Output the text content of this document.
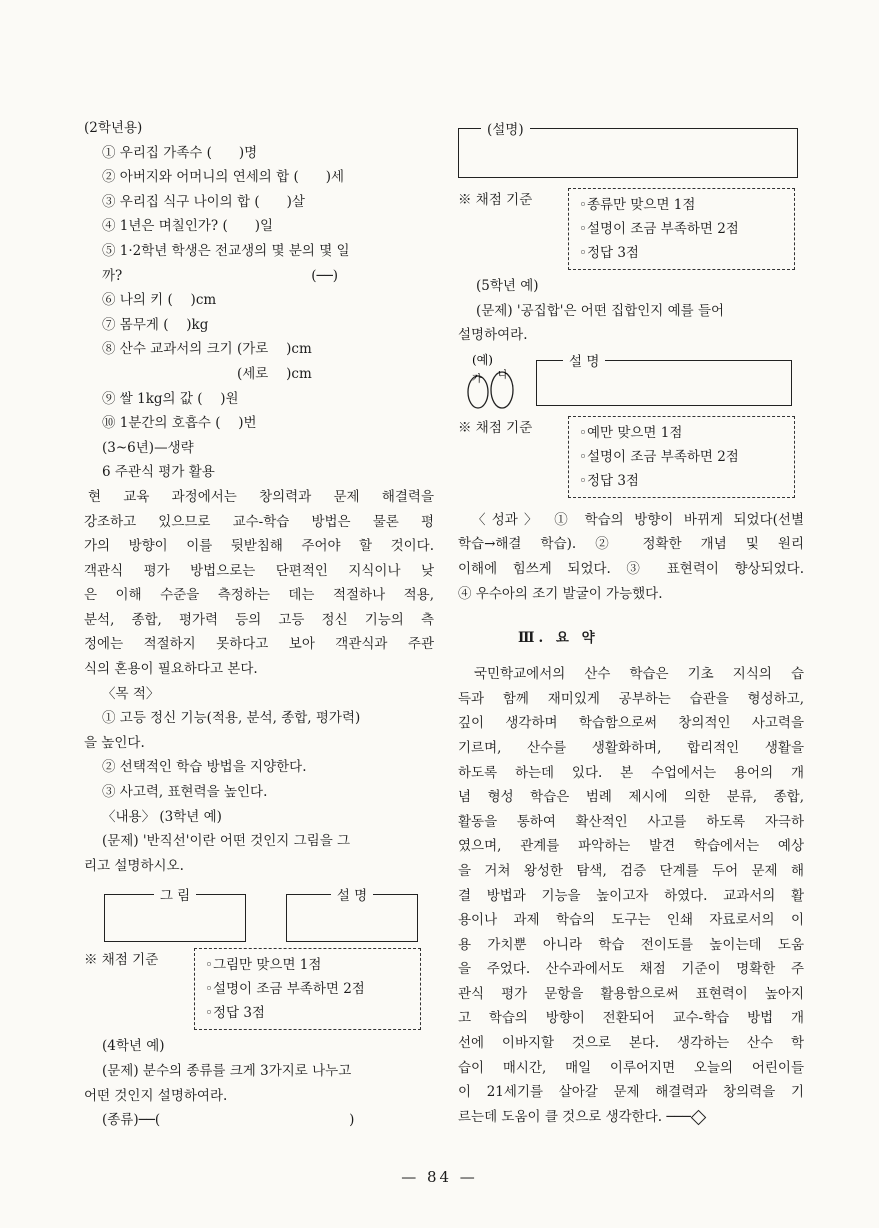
(2학년용)
① 우리집 가족수 (　　)명
② 아버지와 어머니의 연세의 합 (　　)세
③ 우리집 식구 나이의 합 (　　)살
④ 1년은 며칠인가? (　　)일
⑤ 1·2학년 학생은 전교생의 몇 분의 몇 일
까?　　　　　　　　　　　　　　(──)
⑥ 나의 키 (　 )cm
⑦ 몸무게 (　 )kg
⑧ 산수 교과서의 크기 (가로　 )cm
　　　　　　　　　　(세로　 )cm
⑨ 쌀 1kg의 값 (　 )원
⑩ 1분간의 호흡수 (　 )번
(3~6년)—생략
6 주관식 평가 활용
현 교육 과정에서는 창의력과 문제 해결력을
강조하고 있으므로 교수-학습 방법은 물론 평
가의 방향이 이를 뒷받침해 주어야 할 것이다.
객관식 평가 방법으로는 단편적인 지식이나 낮
은 이해 수준을 측정하는 데는 적절하나 적용,
분석, 종합, 평가력 등의 고등 정신 기능의 측
정에는 적절하지 못하다고 보아 객관식과 주관
식의 혼용이 필요하다고 본다.
〈목 적〉
① 고등 정신 기능(적용, 분석, 종합, 평가력)
을 높인다.
② 선택적인 학습 방법을 지양한다.
③ 사고력, 표현력을 높인다.
〈내용〉 (3학년 예)
(문제) '반직선'이란 어떤 것인지 그림을 그
리고 설명하시오.
그 림	설 명
※ 채점 기준	◦그림만 맞으면 1점
◦설명이 조금 부족하면 2점
◦정답 3점
(4학년 예)
(문제) 분수의 종류를 크게 3가지로 나누고
어떤 것인지 설명하여라.
(종류)──(　　　　　　　　　　　　　　)
(설명)
※ 채점 기준	◦종류만 맞으면 1점
◦설명이 조금 부족하면 2점
◦정답 3점
(5학년 예)
(문제) '공집합'은 어떤 집합인지 예를 들어
설명하여라.
(예)
가 나
설 명
※ 채점 기준	◦예만 맞으면 1점
◦설명이 조금 부족하면 2점
◦정답 3점
〈성과〉 ① 학습의 방향이 바뀌게 되었다(선별
학습→해결 학습). ② 정확한 개념 및 원리
이해에 힘쓰게 되었다. ③ 표현력이 향상되었다.
④ 우수아의 조기 발굴이 가능했다.
Ⅲ. 요 약
국민학교에서의 산수 학습은 기초 지식의 습
득과 함께 재미있게 공부하는 습관을 형성하고,
깊이 생각하며 학습함으로써 창의적인 사고력을
기르며, 산수를 생활화하며, 합리적인 생활을
하도록 하는데 있다. 본 수업에서는 용어의 개
념 형성 학습은 범례 제시에 의한 분류, 종합,
활동을 통하여 확산적인 사고를 하도록 자극하
였으며, 관계를 파악하는 발견 학습에서는 예상
을 거쳐 왕성한 탐색, 검증 단계를 두어 문제 해
결 방법과 기능을 높이고자 하였다. 교과서의 활
용이나 과제 학습의 도구는 인쇄 자료로서의 이
용 가치뿐 아니라 학습 전이도를 높이는데 도움
을 주었다. 산수과에서도 채점 기준이 명확한 주
관식 평가 문항을 활용함으로써 표현력이 높아지
고 학습의 방향이 전환되어 교수-학습 방법 개
선에 이바지할 것으로 본다. 생각하는 산수 학
습이 매시간, 매일 이루어지면 오늘의 어린이들
이 21세기를 살아갈 문제 해결력과 창의력을 기
르는데 도움이 클 것으로 생각한다. ───
— 84 —
